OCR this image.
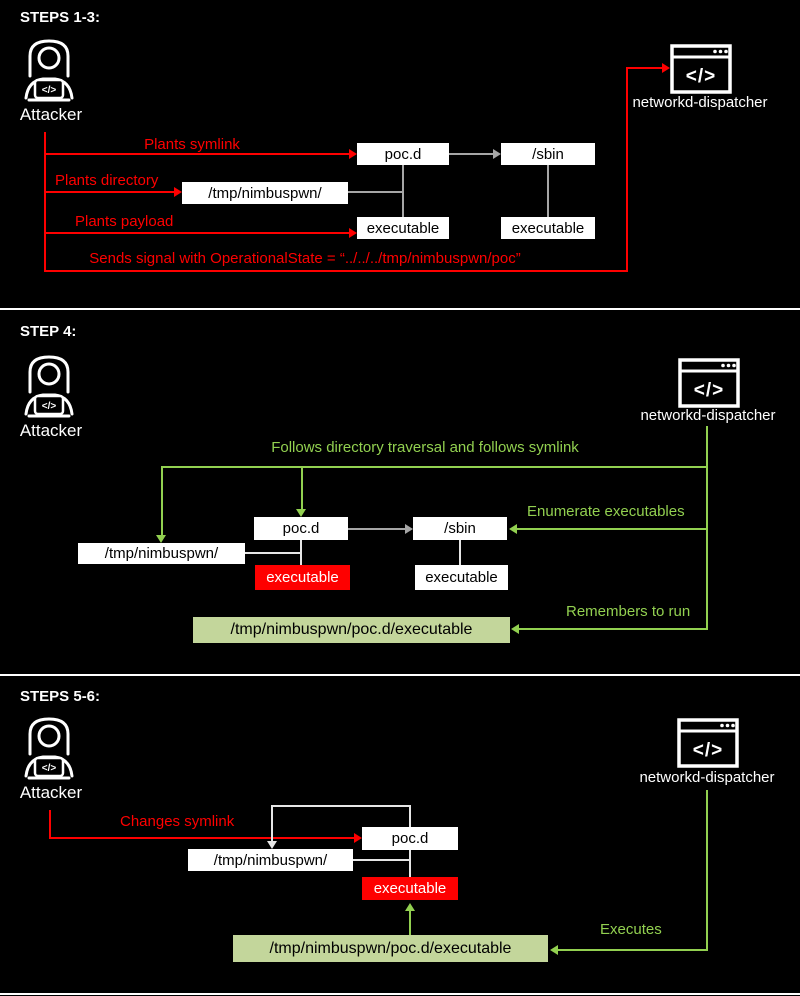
STEPS 1-3:
</>
Attacker
</>
networkd-dispatcher
Plants symlink
Plants directory
Plants payload
Sends signal with OperationalState = “../../../tmp/nimbuspwn/poc”
poc.d	/sbin
/tmp/nimbuspwn/
executable	executable
STEP 4:
</>
Attacker
</>
networkd-dispatcher
Follows directory traversal and follows symlink
Enumerate executables
poc.d	/sbin
/tmp/nimbuspwn/
executable	executable
Remembers to run
/tmp/nimbuspwn/poc.d/executable
STEPS 5-6:
</>
Attacker
</>
networkd-dispatcher
Changes symlink
poc.d
/tmp/nimbuspwn/
executable
Executes
/tmp/nimbuspwn/poc.d/executable
